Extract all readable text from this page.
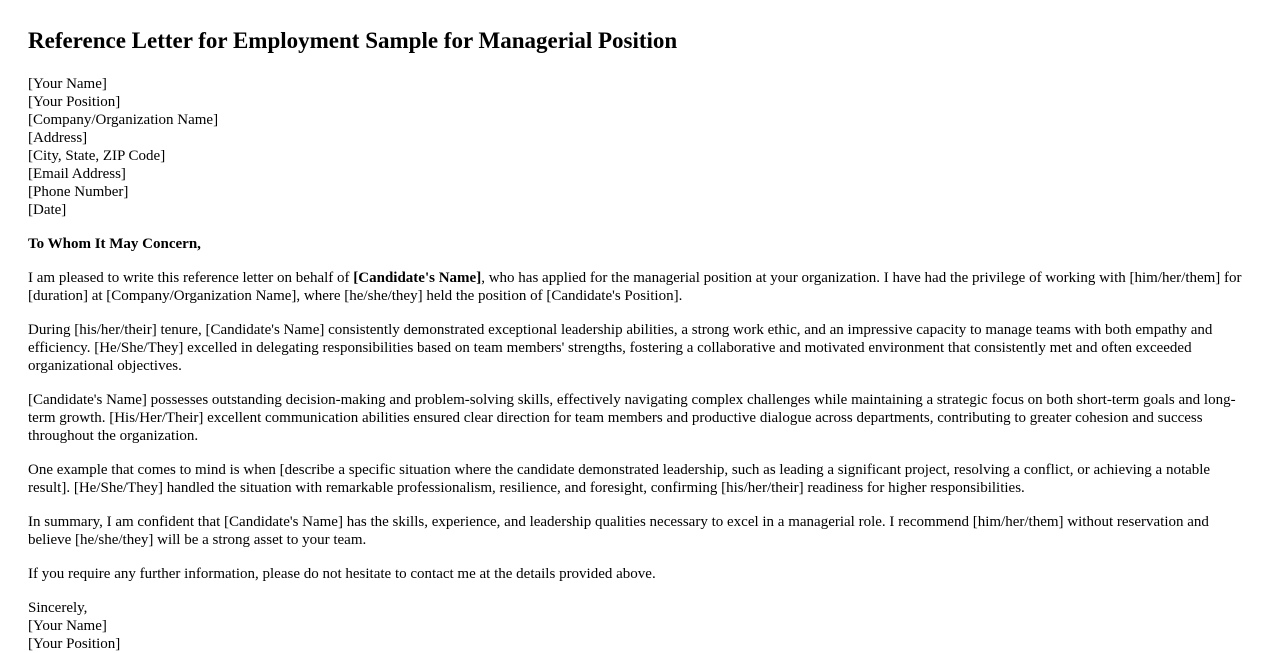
Reference Letter for Employment Sample for Managerial Position
[Your Name]
[Your Position]
[Company/Organization Name]
[Address]
[City, State, ZIP Code]
[Email Address]
[Phone Number]
[Date]

To Whom It May Concern,

I am pleased to write this reference letter on behalf of [Candidate's Name], who has applied for the managerial position at your organization. I have had the privilege of working with [him/her/them] for [duration] at [Company/Organization Name], where [he/she/they] held the position of [Candidate's Position].

During [his/her/their] tenure, [Candidate's Name] consistently demonstrated exceptional leadership abilities, a strong work ethic, and an impressive capacity to manage teams with both empathy and efficiency. [He/She/They] excelled in delegating responsibilities based on team members' strengths, fostering a collaborative and motivated environment that consistently met and often exceeded organizational objectives.

[Candidate's Name] possesses outstanding decision-making and problem-solving skills, effectively navigating complex challenges while maintaining a strategic focus on both short-term goals and long-term growth. [His/Her/Their] excellent communication abilities ensured clear direction for team members and productive dialogue across departments, contributing to greater cohesion and success throughout the organization.

One example that comes to mind is when [describe a specific situation where the candidate demonstrated leadership, such as leading a significant project, resolving a conflict, or achieving a notable result]. [He/She/They] handled the situation with remarkable professionalism, resilience, and foresight, confirming [his/her/their] readiness for higher responsibilities.

In summary, I am confident that [Candidate's Name] has the skills, experience, and leadership qualities necessary to excel in a managerial role. I recommend [him/her/them] without reservation and believe [he/she/they] will be a strong asset to your team.

If you require any further information, please do not hesitate to contact me at the details provided above.

Sincerely,
[Your Name]
[Your Position]
